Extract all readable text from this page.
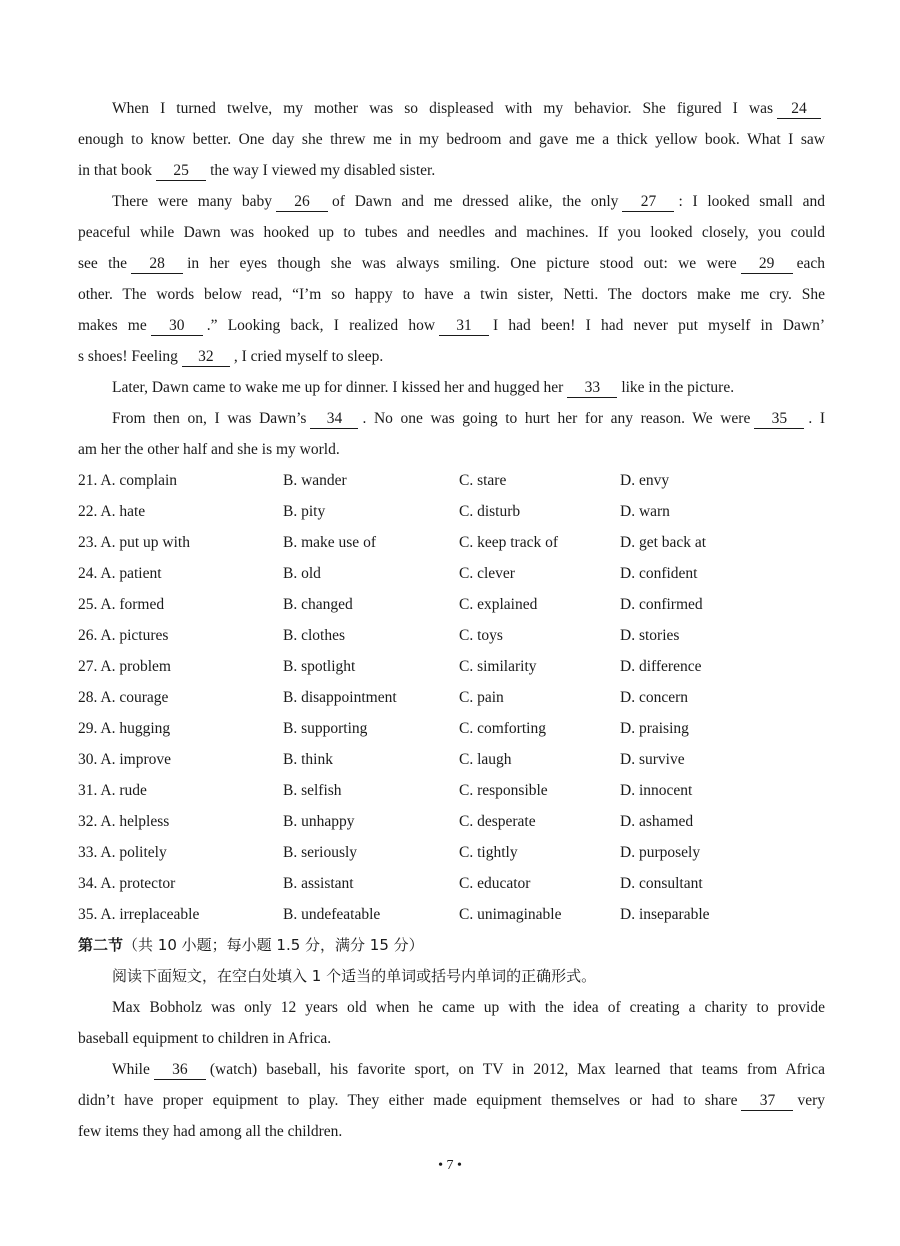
When I turned twelve, my mother was so displeased with my behavior. She figured I was 24
enough to know better. One day she threw me in my bedroom and gave me a thick yellow book. What I saw
in that book 25 the way I viewed my disabled sister.
There were many baby 26 of Dawn and me dressed alike, the only 27 : I looked small and
peaceful while Dawn was hooked up to tubes and needles and machines. If you looked closely, you could
see the 28 in her eyes though she was always smiling. One picture stood out: we were 29 each
other. The words below read, “I’m so happy to have a twin sister, Netti. The doctors make me cry. She
makes me 30 .” Looking back, I realized how 31 I had been! I had never put myself in Dawn’
s shoes! Feeling 32 , I cried myself to sleep.
Later, Dawn came to wake me up for dinner. I kissed her and hugged her 33 like in the picture.
From then on, I was Dawn’s 34 . No one was going to hurt her for any reason. We were 35 . I
am her the other half and she is my world.
21. A. complain	B. wander	C. stare	D. envy
22. A. hate	B. pity	C. disturb	D. warn
23. A. put up with	B. make use of	C. keep track of	D. get back at
24. A. patient	B. old	C. clever	D. confident
25. A. formed	B. changed	C. explained	D. confirmed
26. A. pictures	B. clothes	C. toys	D. stories
27. A. problem	B. spotlight	C. similarity	D. difference
28. A. courage	B. disappointment	C. pain	D. concern
29. A. hugging	B. supporting	C. comforting	D. praising
30. A. improve	B. think	C. laugh	D. survive
31. A. rude	B. selfish	C. responsible	D. innocent
32. A. helpless	B. unhappy	C. desperate	D. ashamed
33. A. politely	B. seriously	C. tightly	D. purposely
34. A. protector	B. assistant	C. educator	D. consultant
35. A. irreplaceable	B. undefeatable	C. unimaginable	D. inseparable
第二节（共 10 小题；每小题 1.5 分，满分 15 分）
阅读下面短文，在空白处填入 1 个适当的单词或括号内单词的正确形式。
Max Bobholz was only 12 years old when he came up with the idea of creating a charity to provide
baseball equipment to children in Africa.
While 36 (watch) baseball, his favorite sport, on TV in 2012, Max learned that teams from Africa
didn’t have proper equipment to play. They either made equipment themselves or had to share 37 very
few items they had among all the children.
• 7 •
